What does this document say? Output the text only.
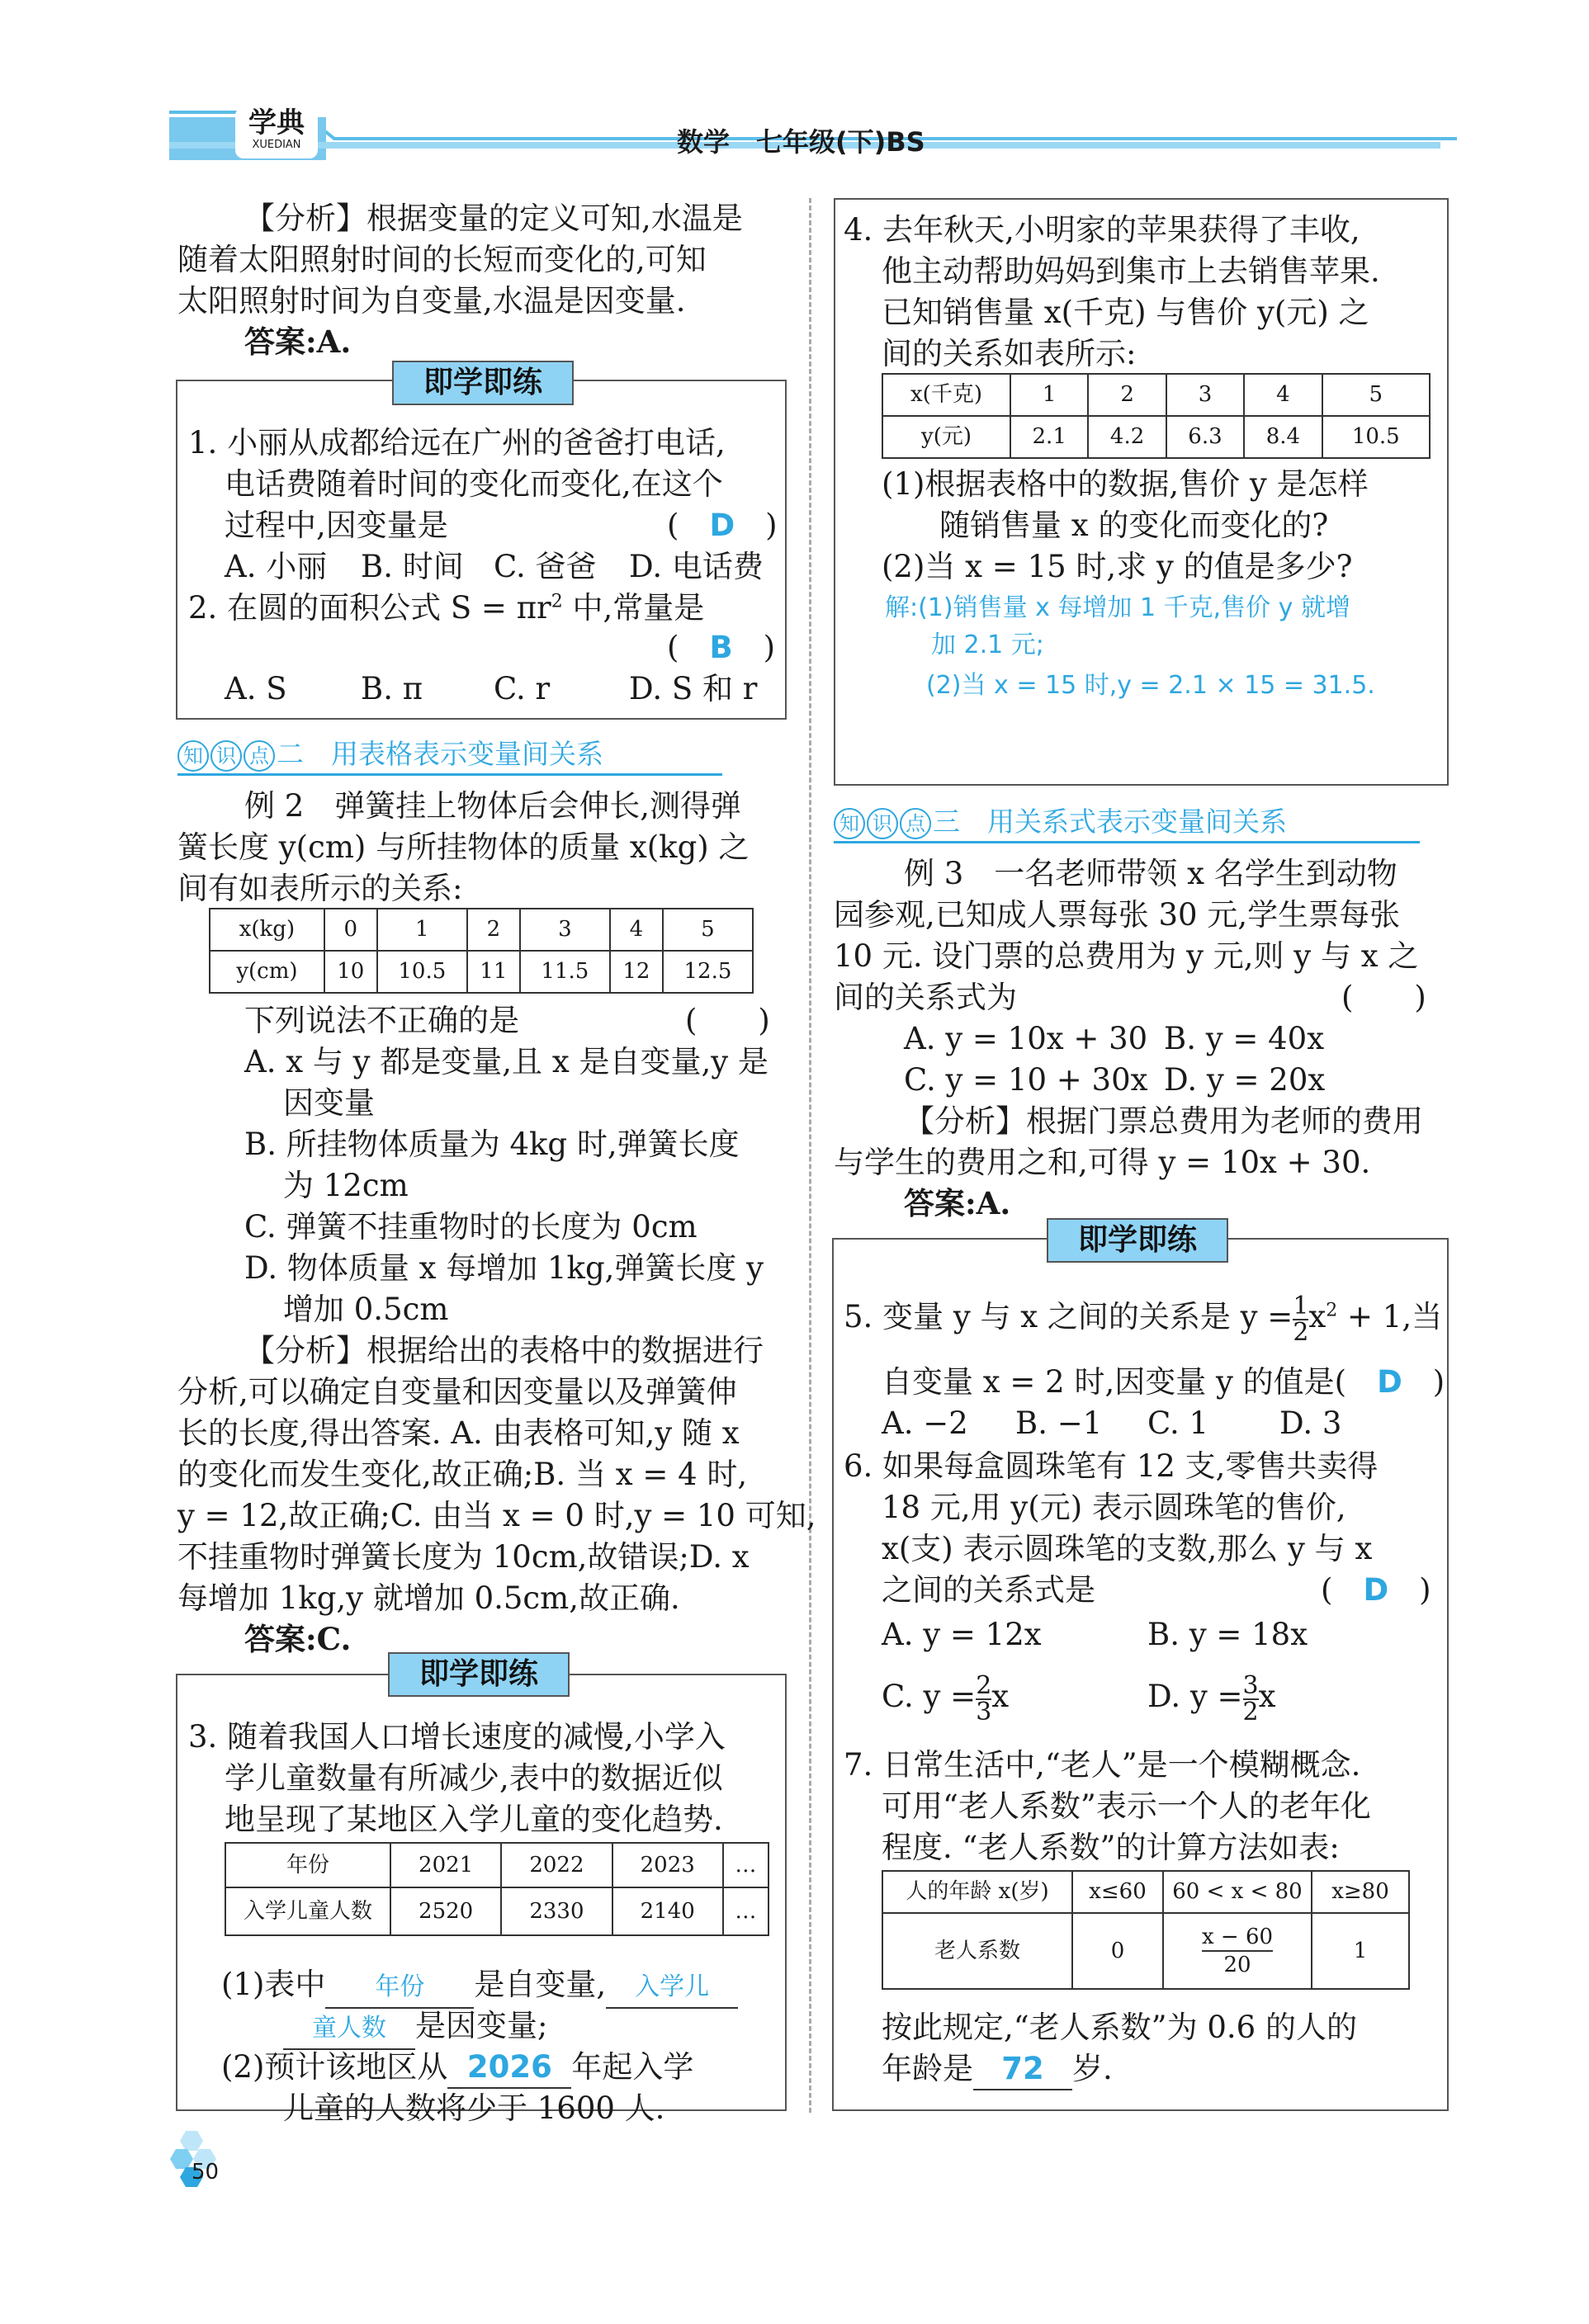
学典
XUEDIAN	数学　七年级(下)BS
【分析】根据变量的定义可知,水温是
随着太阳照射时间的长短而变化的,可知
太阳照射时间为自变量,水温是因变量.
答案:A.
即学即练
1. 小丽从成都给远在广州的爸爸打电话,
电话费随着时间的变化而变化,在这个
过程中,因变量是	(　D　)
A. 小丽 B. 时间 C. 爸爸 D. 电话费
2. 在圆的面积公式 $S = \pi r^2$ 中,常量是
(　B　)
A. S B. π C. r	D. S 和 r
知 识 点 二　用表格表示变量间关系
例 2　弹簧挂上物体后会伸长,测得弹
簧长度 y(cm) 与所挂物体的质量 x(kg) 之
间有如表所示的关系:
x(kg)	0	1	2	3	4	5
y(cm)	10	10.5	11	11.5	12	12.5
下列说法不正确的是	(　　)
A. x 与 y 都是变量,且 x 是自变量,y 是
因变量
B. 所挂物体质量为 4kg 时,弹簧长度
为 12cm
C. 弹簧不挂重物时的长度为 0cm
D. 物体质量 x 每增加 1kg,弹簧长度 y
增加 0.5cm
【分析】根据给出的表格中的数据进行
分析,可以确定自变量和因变量以及弹簧伸
长的长度,得出答案. A. 由表格可知,y 随 x
的变化而发生变化,故正确;B. 当 x = 4 时,
y = 12,故正确;C. 由当 x = 0 时,y = 10 可知,
不挂重物时弹簧长度为 10cm,故错误;D. x
每增加 1kg,y 就增加 0.5cm,故正确.
答案:C.
即学即练
3. 随着我国人口增长速度的减慢,小学入
学儿童数量有所减少,表中的数据近似
地呈现了某地区入学儿童的变化趋势.
年份	2021	2022	2023	…
入学儿童人数	2520	2330	2140	…
(1)表中 年份 是自变量, 入学儿
童人数 是因变量;
(2)预计该地区从 2026 年起入学
儿童的人数将少于 1600 人.
4. 去年秋天,小明家的苹果获得了丰收,
他主动帮助妈妈到集市上去销售苹果.
已知销售量 x(千克) 与售价 y(元) 之
间的关系如表所示:
x(千克)	1	2	3	4	5
y(元)	2.1	4.2	6.3	8.4	10.5
(1)根据表格中的数据,售价 y 是怎样
随销售量 x 的变化而变化的?
(2)当 x = 15 时,求 y 的值是多少?
解:(1)销售量 x 每增加 1 千克,售价 y 就增
加 2.1 元;
(2)当 x = 15 时,y = 2.1 × 15 = 31.5.
知 识 点 三　用关系式表示变量间关系
例 3　一名老师带领 x 名学生到动物
园参观,已知成人票每张 30 元,学生票每张
10 元. 设门票的总费用为 y 元,则 y 与 x 之
间的关系式为	(　　)
A. y = 10x + 30 B. y = 40x
C. y = 10 + 30x D. y = 20x
【分析】根据门票总费用为老师的费用
与学生的费用之和,可得 y = 10x + 30.
答案:A.
即学即练
5. 变量 y 与 x 之间的关系是 $y = \frac{1}{2} x^2 + 1$,当
自变量 x = 2 时,因变量 y 的值是(　 D　)
A. −2 B. −1 C. 1 D. 3
6. 如果每盒圆珠笔有 12 支,零售共卖得
18 元,用 y(元) 表示圆珠笔的售价,
x(支) 表示圆珠笔的支数,那么 y 与 x
之间的关系式是	(　D　)
A. y = 12x	B. y = 18x
C. $y = \frac{2}{3}$ x	D. $y = \frac{3}{2}$ x
7. 日常生活中,“老人”是一个模糊概念.
可用“老人系数”表示一个人的老年化
程度. “老人系数”的计算方法如表:
人的年龄 x(岁)	x≤60	60 < x < 80	x≥80
老人系数	0	$\frac{x - 60}{20}$	1
按此规定,“老人系数”为 0.6 的人的
年龄是 72 岁.
50
